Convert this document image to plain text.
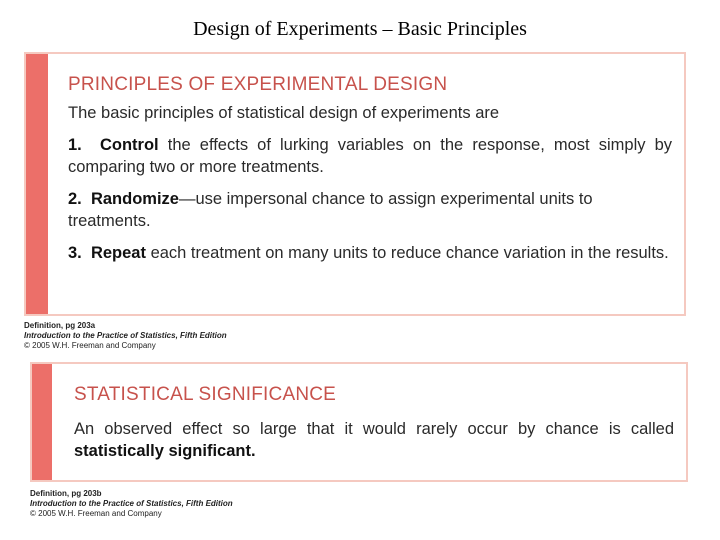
Design of Experiments – Basic Principles
PRINCIPLES OF EXPERIMENTAL DESIGN

The basic principles of statistical design of experiments are

1. Control the effects of lurking variables on the response, most simply by comparing two or more treatments.

2. Randomize—use impersonal chance to assign experimental units to treatments.

3. Repeat each treatment on many units to reduce chance variation in the results.

Definition, pg 203a
Introduction to the Practice of Statistics, Fifth Edition
© 2005 W.H. Freeman and Company
STATISTICAL SIGNIFICANCE

An observed effect so large that it would rarely occur by chance is called statistically significant.

Definition, pg 203b
Introduction to the Practice of Statistics, Fifth Edition
© 2005 W.H. Freeman and Company
